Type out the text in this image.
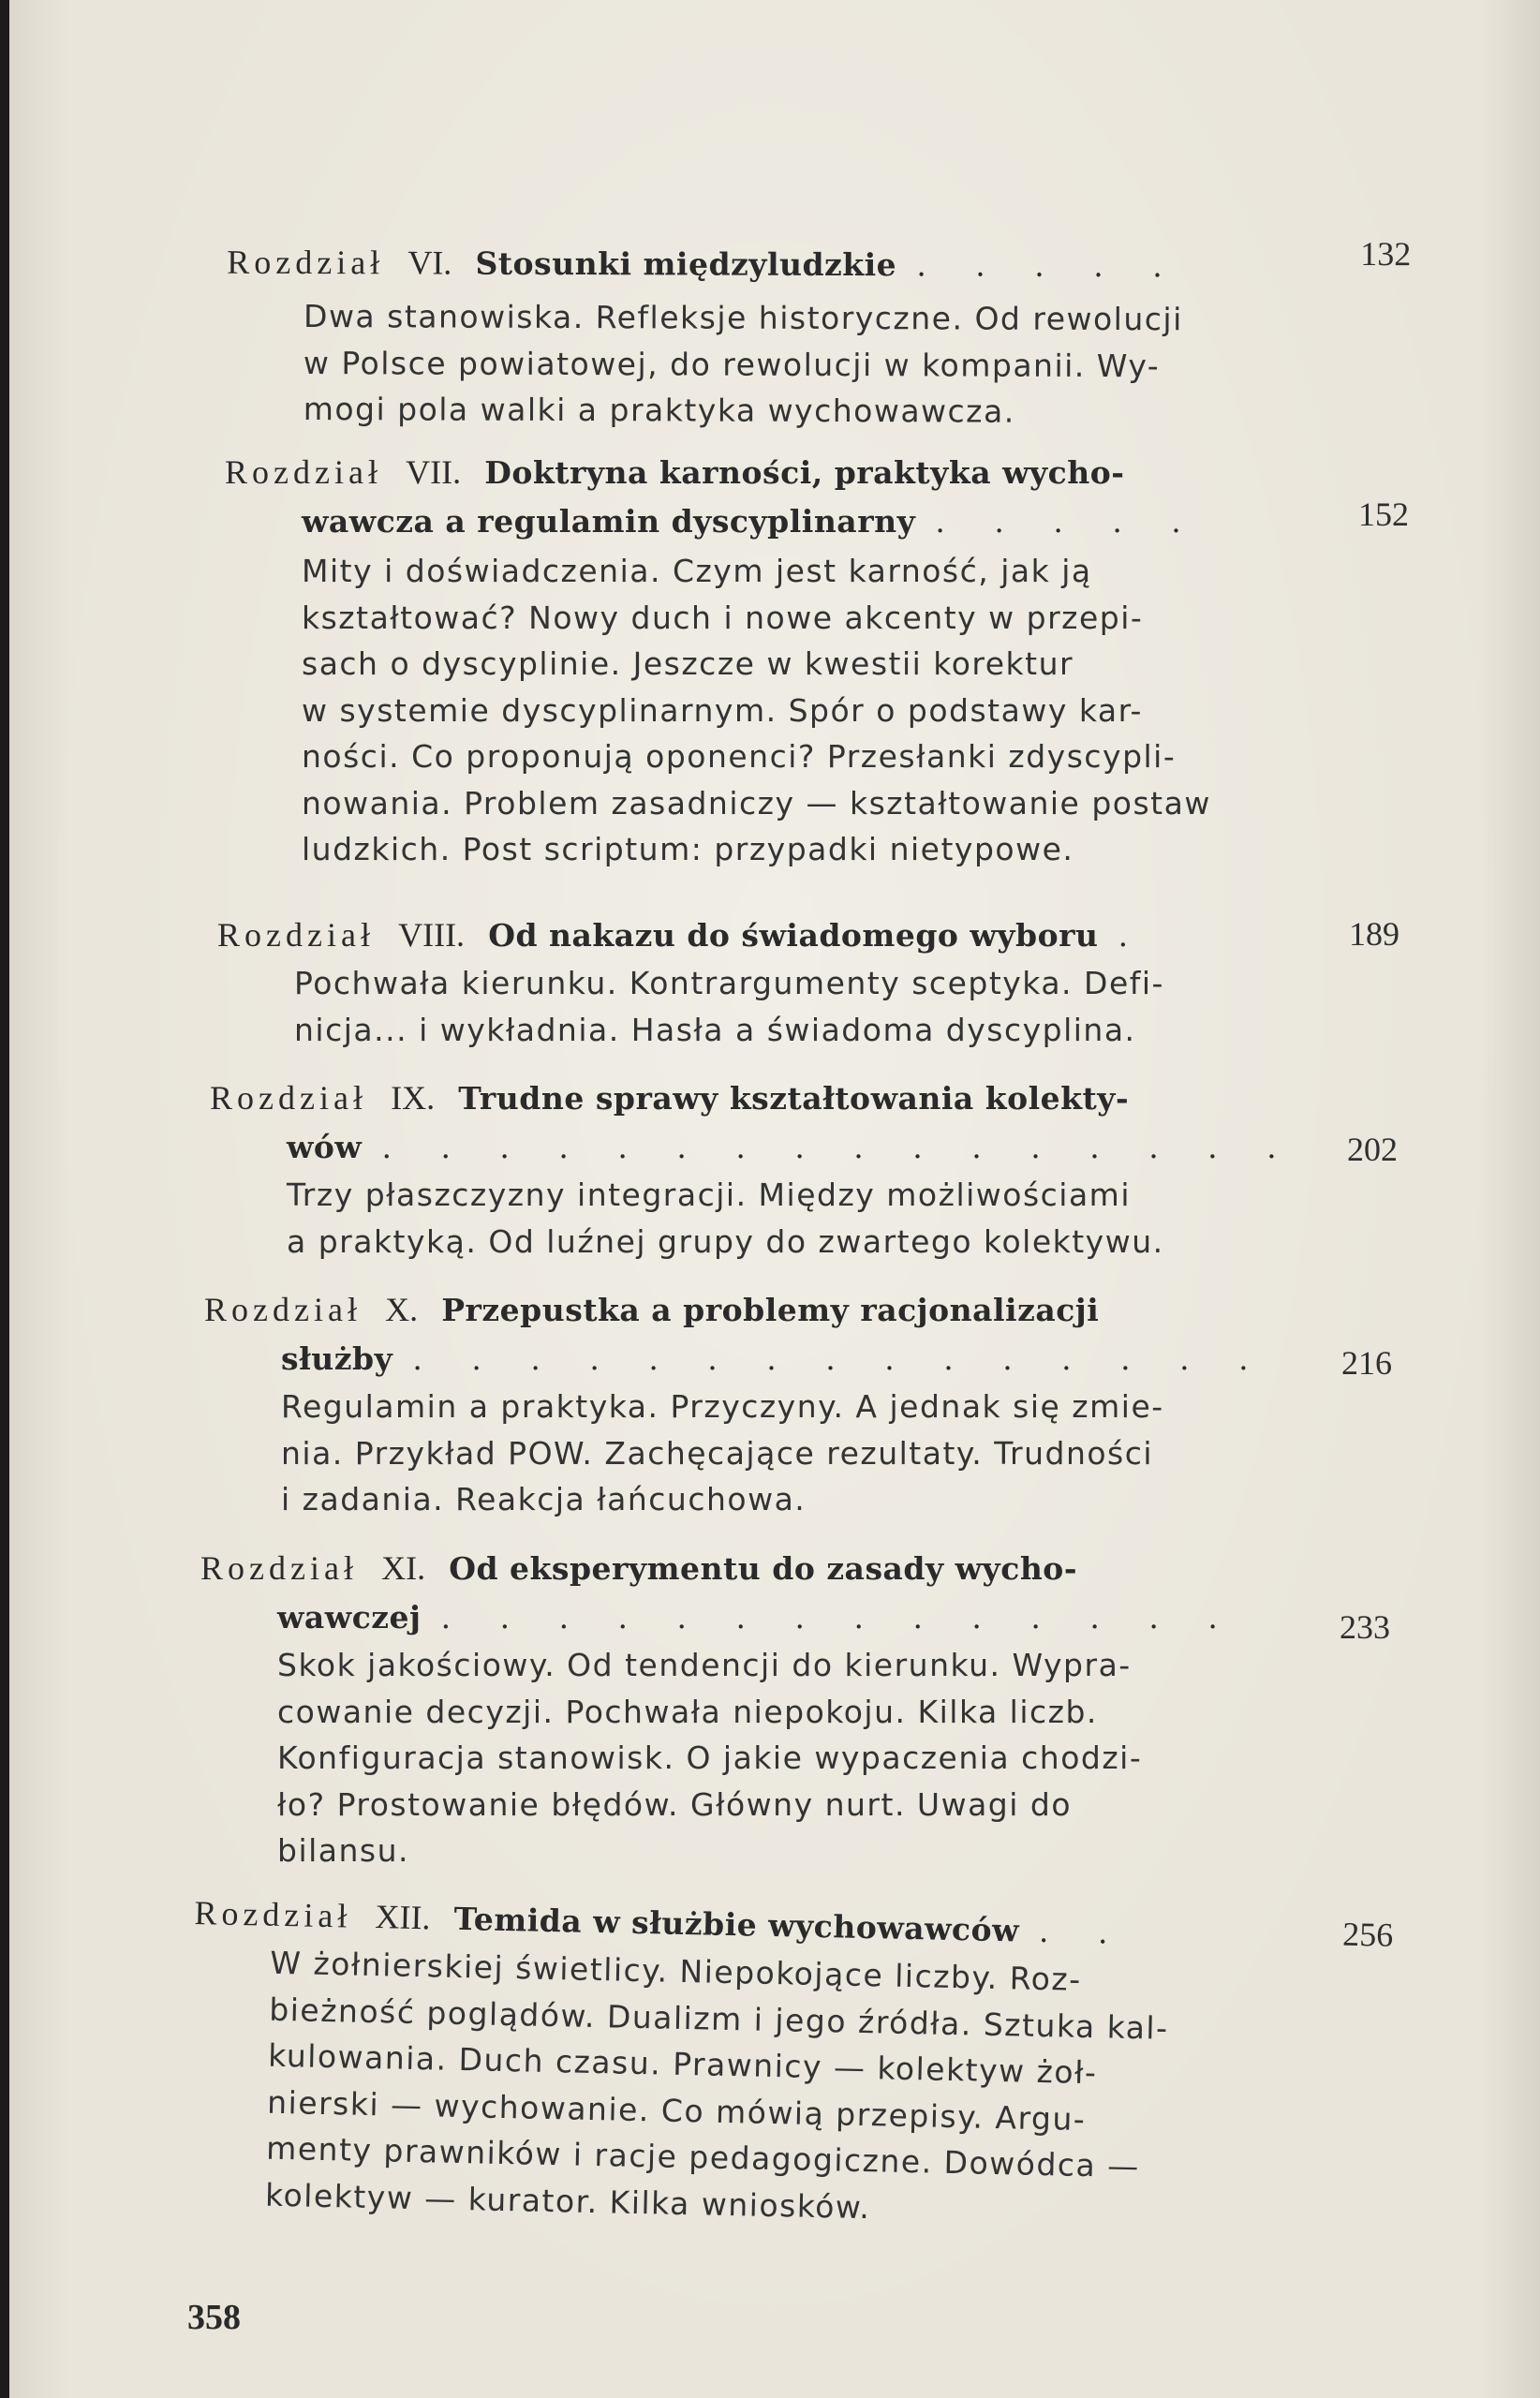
Rozdział VI. Stosunki międzyludzkie . . . . .	132
Dwa stanowiska. Refleksje historyczne. Od rewolucji
w Polsce powiatowej, do rewolucji w kompanii. Wy-
mogi pola walki a praktyka wychowawcza.
Rozdział VII. Doktryna karności, praktyka wycho-
wawcza a regulamin dyscyplinarny . . . . .	152
Mity i doświadczenia. Czym jest karność, jak ją
kształtować? Nowy duch i nowe akcenty w przepi-
sach o dyscyplinie. Jeszcze w kwestii korektur
w systemie dyscyplinarnym. Spór o podstawy kar-
ności. Co proponują oponenci? Przesłanki zdyscypli-
nowania. Problem zasadniczy — kształtowanie postaw
ludzkich. Post scriptum: przypadki nietypowe.
Rozdział VIII. Od nakazu do świadomego wyboru .	189
Pochwała kierunku. Kontrargumenty sceptyka. Defi-
nicja... i wykładnia. Hasła a świadoma dyscyplina.
Rozdział IX. Trudne sprawy kształtowania kolekty-
wów . . . . . . . . . . . . . . . .	202
Trzy płaszczyzny integracji. Między możliwościami
a praktyką. Od luźnej grupy do zwartego kolektywu.
Rozdział X. Przepustka a problemy racjonalizacji
służby . . . . . . . . . . . . . . .	216
Regulamin a praktyka. Przyczyny. A jednak się zmie-
nia. Przykład POW. Zachęcające rezultaty. Trudności
i zadania. Reakcja łańcuchowa.
Rozdział XI. Od eksperymentu do zasady wycho-
wawczej . . . . . . . . . . . . . .	233
Skok jakościowy. Od tendencji do kierunku. Wypra-
cowanie decyzji. Pochwała niepokoju. Kilka liczb.
Konfiguracja stanowisk. O jakie wypaczenia chodzi-
ło? Prostowanie błędów. Główny nurt. Uwagi do
bilansu.
Rozdział XII. Temida w służbie wychowawców . .	256
W żołnierskiej świetlicy. Niepokojące liczby. Roz-
bieżność poglądów. Dualizm i jego źródła. Sztuka kal-
kulowania. Duch czasu. Prawnicy — kolektyw żoł-
nierski — wychowanie. Co mówią przepisy. Argu-
menty prawników i racje pedagogiczne. Dowódca —
kolektyw — kurator. Kilka wniosków.
358
